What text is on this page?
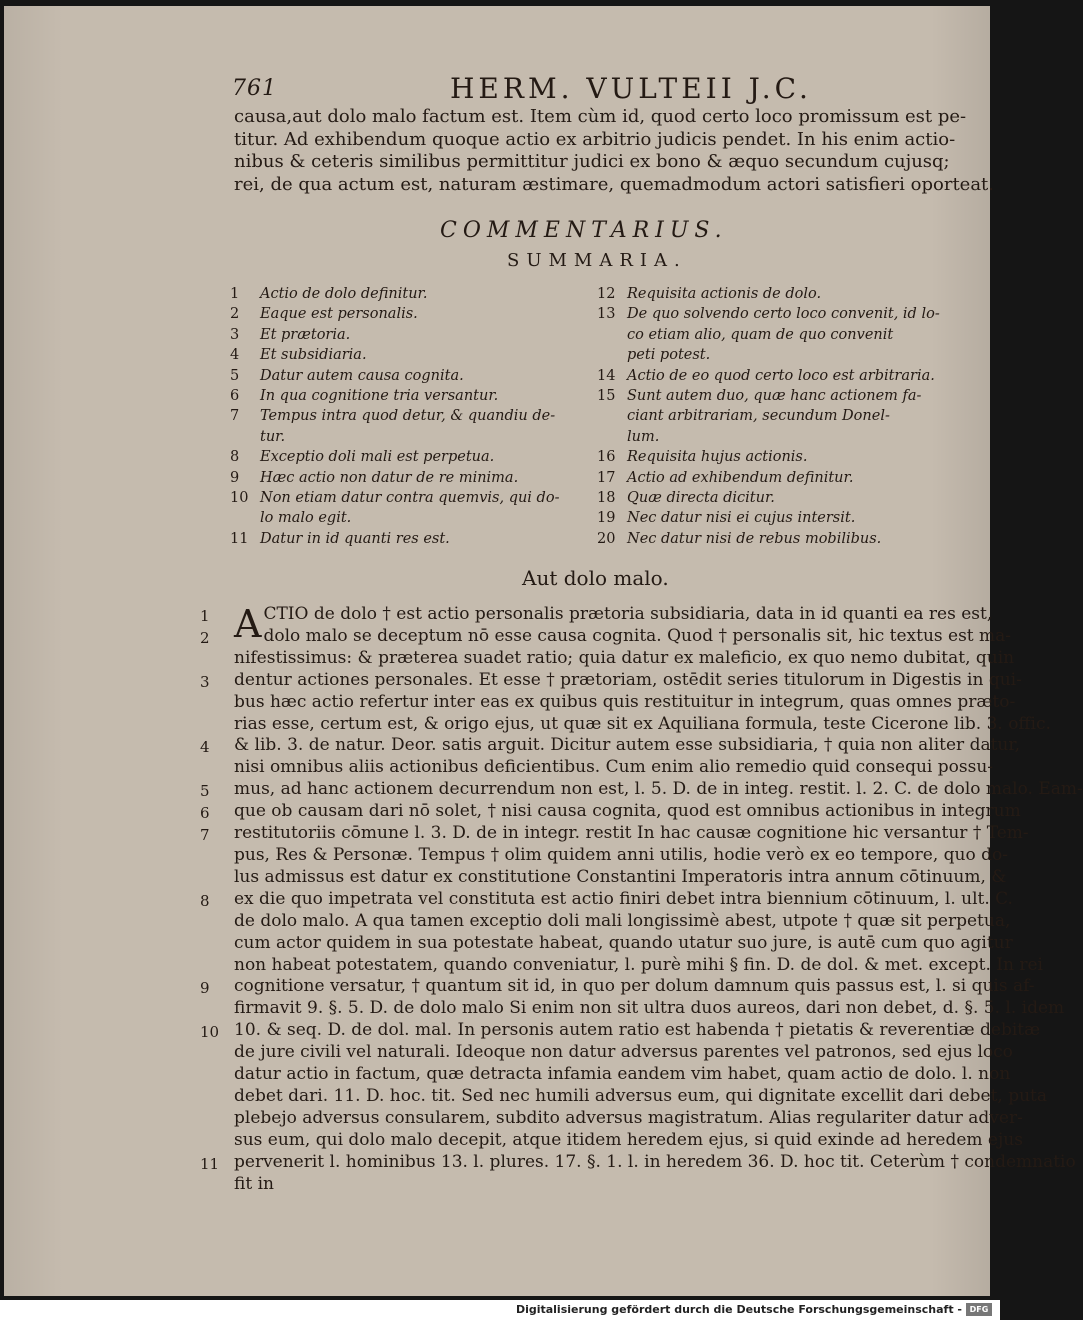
761	HERM. VULTEII J.C.
causa,aut dolo malo factum est. Item cùm id, quod certo loco promissum est pe-
titur. Ad exhibendum quoque actio ex arbitrio judicis pendet. In his enim actio-
nibus & ceteris similibus permittitur judici ex bono & æquo secundum cujusq;
rei, de qua actum est, naturam æstimare, quemadmodum actori satisfieri oporteat.
COMMENTARIUS.
SUMMARIA.
1	Actio de dolo definitur.
2	Eaque est personalis.
3	Et prætoria.
4	Et subsidiaria.
5	Datur autem causa cognita.
6	In qua cognitione tria versantur.
7	Tempus intra quod detur, & quandiu de-
tur.
8	Exceptio doli mali est perpetua.
9	Hæc actio non datur de re minima.
10 Non etiam datur contra quemvis, qui do-
lo malo egit.
11 Datur in id quanti res est.
12 Requisita actionis de dolo.
13 De quo solvendo certo loco convenit, id lo-
co etiam alio, quam de quo convenit
peti potest.
14 Actio de eo quod certo loco est arbitraria.
15 Sunt autem duo, quæ hanc actionem fa-
ciant arbitrariam, secundum Donel-
lum.
16 Requisita hujus actionis.
17 Actio ad exhibendum definitur.
18 Quæ directa dicitur.
19 Nec datur nisi ei cujus intersit.
20 Nec datur nisi de rebus mobilibus.
Aut dolo malo.
1
2
3
4
5
6
7
8
9
10
11
A CTIO de dolo † est actio personalis prætoria subsidiaria, data in id quanti ea res est,
dolo malo se deceptum nō esse causa cognita. Quod † personalis sit, hic textus est ma-
nifestissimus: & præterea suadet ratio; quia datur ex maleficio, ex quo nemo dubitat, quin
dentur actiones personales. Et esse † prætoriam, ostēdit series titulorum in Digestis in qui-
bus hæc actio refertur inter eas ex quibus quis restituitur in integrum, quas omnes præto-
rias esse, certum est, & origo ejus, ut quæ sit ex Aquiliana formula, teste Cicerone lib. 3. offic.
& lib. 3. de natur. Deor. satis arguit. Dicitur autem esse subsidiaria, † quia non aliter datur,
nisi omnibus aliis actionibus deficientibus. Cum enim alio remedio quid consequi possu-
mus, ad hanc actionem decurrendum non est, l. 5. D. de in integ. restit. l. 2. C. de dolo malo. Eam-
que ob causam dari nō solet, † nisi causa cognita, quod est omnibus actionibus in integrum
restitutoriis cōmune l. 3. D. de in integr. restit In hac causæ cognitione hic versantur † Tem-
pus, Res & Personæ. Tempus † olim quidem anni utilis, hodie verò ex eo tempore, quo do-
lus admissus est datur ex constitutione Constantini Imperatoris intra annum cōtinuum, &
ex die quo impetrata vel constituta est actio finiri debet intra biennium cōtinuum, l. ult. C.
de dolo malo. A qua tamen exceptio doli mali longissimè abest, utpote † quæ sit perpetua,
cum actor quidem in sua potestate habeat, quando utatur suo jure, is autē cum quo agitur
non habeat potestatem, quando conveniatur, l. purè mihi § fin. D. de dol. & met. except. In rei
cognitione versatur, † quantum sit id, in quo per dolum damnum quis passus est, l. si quis af-
firmavit 9. §. 5. D. de dolo malo Si enim non sit ultra duos aureos, dari non debet, d. §. 5. l. idem
10. & seq. D. de dol. mal. In personis autem ratio est habenda † pietatis & reverentiæ debitæ
de jure civili vel naturali. Ideoque non datur adversus parentes vel patronos, sed ejus loco
datur actio in factum, quæ detracta infamia eandem vim habet, quam actio de dolo. l. non
debet dari. 11. D. hoc. tit. Sed nec humili adversus eum, qui dignitate excellit dari debet, puta
plebejo adversus consularem, subdito adversus magistratum. Alias regulariter datur adver-
sus eum, qui dolo malo decepit, atque itidem heredem ejus, si quid exinde ad heredem ejus
pervenerit l. hominibus 13. l. plures. 17. §. 1. l. in heredem 36. D. hoc tit. Ceterùm † condemnatio
fit in
Digitalisierung gefördert durch die Deutsche Forschungsgemeinschaft - DFG
